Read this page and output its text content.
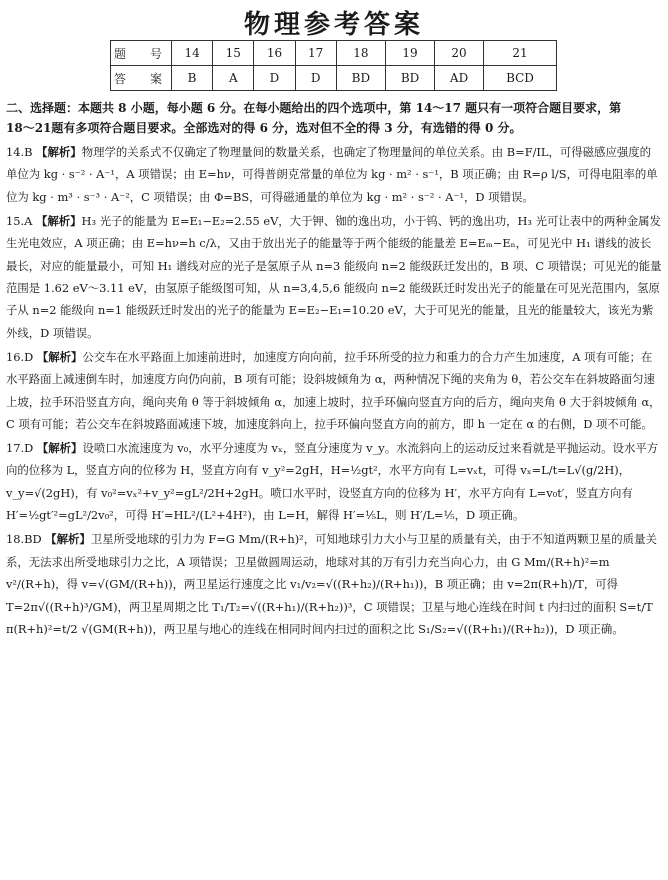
物理参考答案
题　号	14	15	16	17	18	19	20	21
答　案	B	A	D	D	BD	BD	AD	BCD
二、选择题：本题共 8 小题，每小题 6 分。在每小题给出的四个选项中，第 14～17 题只有一项符合题目要求，第
18～21题有多项符合题目要求。全部选对的得 6 分，选对但不全的得 3 分，有选错的得 0 分。
14.B 【解析】物理学的关系式不仅确定了物理量间的数量关系，也确定了物理量间的单位关系。由 B=F/IL，可得磁感应强度的单位为 kg · s⁻² · A⁻¹，A 项错误；由 E=hν，可得普朗克常量的单位为 kg · m² · s⁻¹，B 项正确；由 R=ρ l/S，可得电阻率的单位为 kg · m³ · s⁻³ · A⁻²，C 项错误；由 Φ=BS，可得磁通量的单位为 kg · m² · s⁻² · A⁻¹，D 项错误。
15.A 【解析】H₃ 光子的能量为 E=E₁−E₂=2.55 eV，大于钾、铷的逸出功，小于钨、钙的逸出功，H₃ 光可让表中的两种金属发生光电效应，A 项正确；由 E=hν=h c/λ，又由于放出光子的能量等于两个能级的能量差 E=Eₘ−Eₙ，可见光中 H₁ 谱线的波长最长，对应的能量最小，可知 H₁ 谱线对应的光子是氢原子从 n=3 能级向 n=2 能级跃迁发出的，B 项、C 项错误；可见光的能量范围是 1.62 eV～3.11 eV，由氢原子能级图可知，从 n=3,4,5,6 能级向 n=2 能级跃迁时发出光子的能量在可见光范围内，氢原子从 n=2 能级向 n=1 能级跃迁时发出的光子的能量为 E=E₂−E₁=10.20 eV，大于可见光的能量，且光的能量较大，该光为紫外线，D 项错误。
16.D 【解析】公交车在水平路面上加速前进时，加速度方向向前，拉手环所受的拉力和重力的合力产生加速度，A 项有可能；在水平路面上减速倒车时，加速度方向仍向前，B 项有可能；设斜坡倾角为 α，两种情况下绳的夹角为 θ，若公交车在斜坡路面匀速上坡，拉手环沿竖直方向，绳向夹角 θ 等于斜坡倾角 α，加速上坡时，拉手环偏向竖直方向的后方，绳向夹角 θ 大于斜坡倾角 α，C 项有可能；若公交车在斜坡路面减速下坡，加速度斜向上，拉手环偏向竖直方向的前方，即 h 一定在 α 的右侧，D 项不可能。
17.D 【解析】设喷口水流速度为 v₀，水平分速度为 vₓ，竖直分速度为 v_y。水流斜向上的运动反过来看就是平抛运动。设水平方向的位移为 L，竖直方向的位移为 H，竖直方向有 v_y²=2gH，H=½gt²，水平方向有 L=vₓt，可得 vₓ=L/t=L√(g/2H)，v_y=√(2gH)，有 v₀²=vₓ²+v_y²=gL²/2H+2gH。喷口水平时，设竖直方向的位移为 H′，水平方向有 L=v₀t′，竖直方向有 H′=½gt′²=gL²/2v₀²，可得 H′=HL²/(L²+4H²)，由 L=H，解得 H′=⅕L，则 H′/L=⅕，D 项正确。
18.BD 【解析】卫星所受地球的引力为 F=G Mm/(R+h)²，可知地球引力大小与卫星的质量有关，由于不知道两颗卫星的质量关系，无法求出所受地球引力之比，A 项错误；卫星做圆周运动，地球对其的万有引力充当向心力，由 G Mm/(R+h)²=m v²/(R+h)，得 v=√(GM/(R+h))，两卫星运行速度之比 v₁/v₂=√((R+h₂)/(R+h₁))，B 项正确；由 v=2π(R+h)/T，可得 T=2π√((R+h)³/GM)，两卫星周期之比 T₁/T₂=√((R+h₁)/(R+h₂))³，C 项错误；卫星与地心连线在时间 t 内扫过的面积 S=t/T π(R+h)²=t/2 √(GM(R+h))，两卫星与地心的连线在相同时间内扫过的面积之比 S₁/S₂=√((R+h₁)/(R+h₂))，D 项正确。
